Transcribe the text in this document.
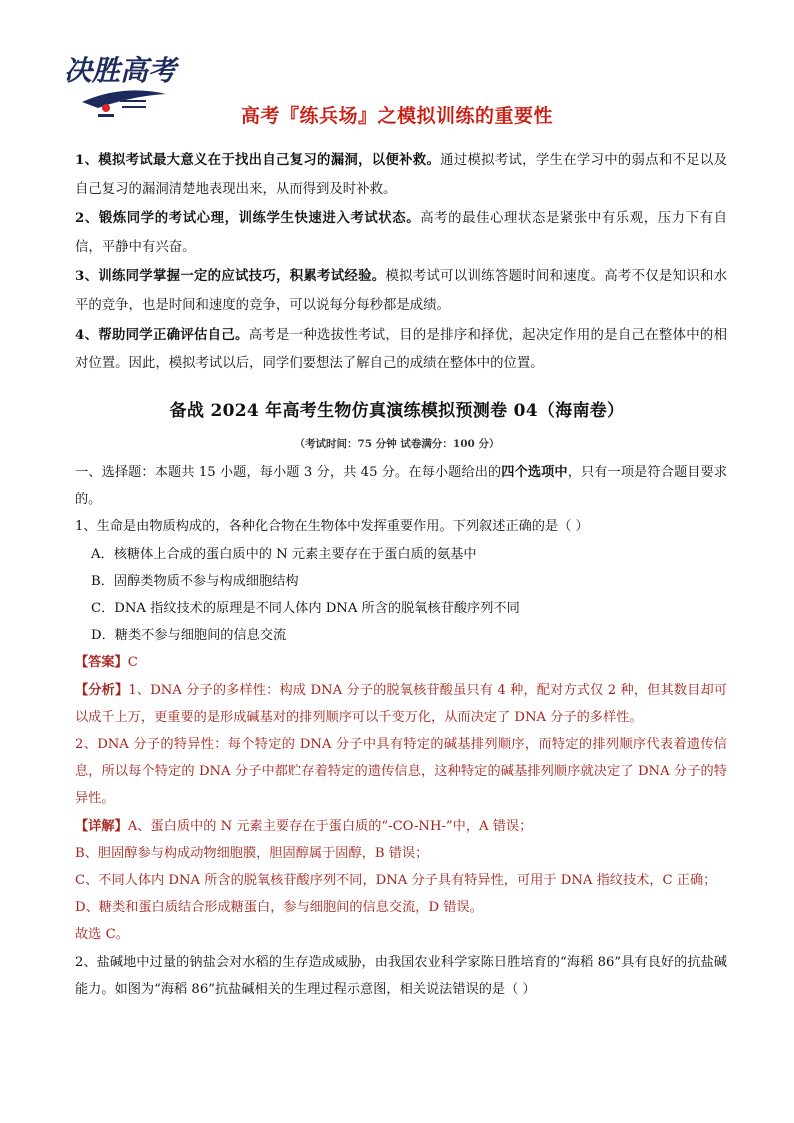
决胜高考
高考『练兵场』之模拟训练的重要性

1、模拟考试最大意义在于找出自己复习的漏洞，以便补救。通过模拟考试，学生在学习中的弱点和不足以及自己复习的漏洞清楚地表现出来，从而得到及时补救。

2、锻炼同学的考试心理，训练学生快速进入考试状态。高考的最佳心理状态是紧张中有乐观，压力下有自信，平静中有兴奋。

3、训练同学掌握一定的应试技巧，积累考试经验。模拟考试可以训练答题时间和速度。高考不仅是知识和水平的竞争，也是时间和速度的竞争，可以说每分每秒都是成绩。

4、帮助同学正确评估自己。高考是一种选拔性考试，目的是排序和择优，起决定作用的是自己在整体中的相对位置。因此，模拟考试以后，同学们要想法了解自己的成绩在整体中的位置。

备战 2024 年高考生物仿真演练模拟预测卷 04（海南卷）
（考试时间：75 分钟 试卷满分：100 分）

一、选择题：本题共 15 小题，每小题 3 分，共 45 分。在每小题给出的四个选项中，只有一项是符合题目要求的。

1、生命是由物质构成的，各种化合物在生物体中发挥重要作用。下列叙述正确的是（ ）

A．核糖体上合成的蛋白质中的 N 元素主要存在于蛋白质的氨基中

B．固醇类物质不参与构成细胞结构

C．DNA 指纹技术的原理是不同人体内 DNA 所含的脱氧核苷酸序列不同

D．糖类不参与细胞间的信息交流

【答案】C

【分析】1、DNA 分子的多样性：构成 DNA 分子的脱氧核苷酸虽只有 4 种，配对方式仅 2 种，但其数目却可以成千上万，更重要的是形成碱基对的排列顺序可以千变万化，从而决定了 DNA 分子的多样性。

2、DNA 分子的特异性：每个特定的 DNA 分子中具有特定的碱基排列顺序，而特定的排列顺序代表着遗传信息，所以每个特定的 DNA 分子中都贮存着特定的遗传信息，这种特定的碱基排列顺序就决定了 DNA 分子的特异性。

【详解】A、蛋白质中的 N 元素主要存在于蛋白质的“-CO-NH-”中，A 错误；

B、胆固醇参与构成动物细胞膜，胆固醇属于固醇，B 错误；

C、不同人体内 DNA 所含的脱氧核苷酸序列不同，DNA 分子具有特异性，可用于 DNA 指纹技术，C 正确；

D、糖类和蛋白质结合形成糖蛋白，参与细胞间的信息交流，D 错误。

故选 C。

2、盐碱地中过量的钠盐会对水稻的生存造成威胁，由我国农业科学家陈日胜培育的“海稻 86”具有良好的抗盐碱能力。如图为“海稻 86”抗盐碱相关的生理过程示意图，相关说法错误的是（ ）
